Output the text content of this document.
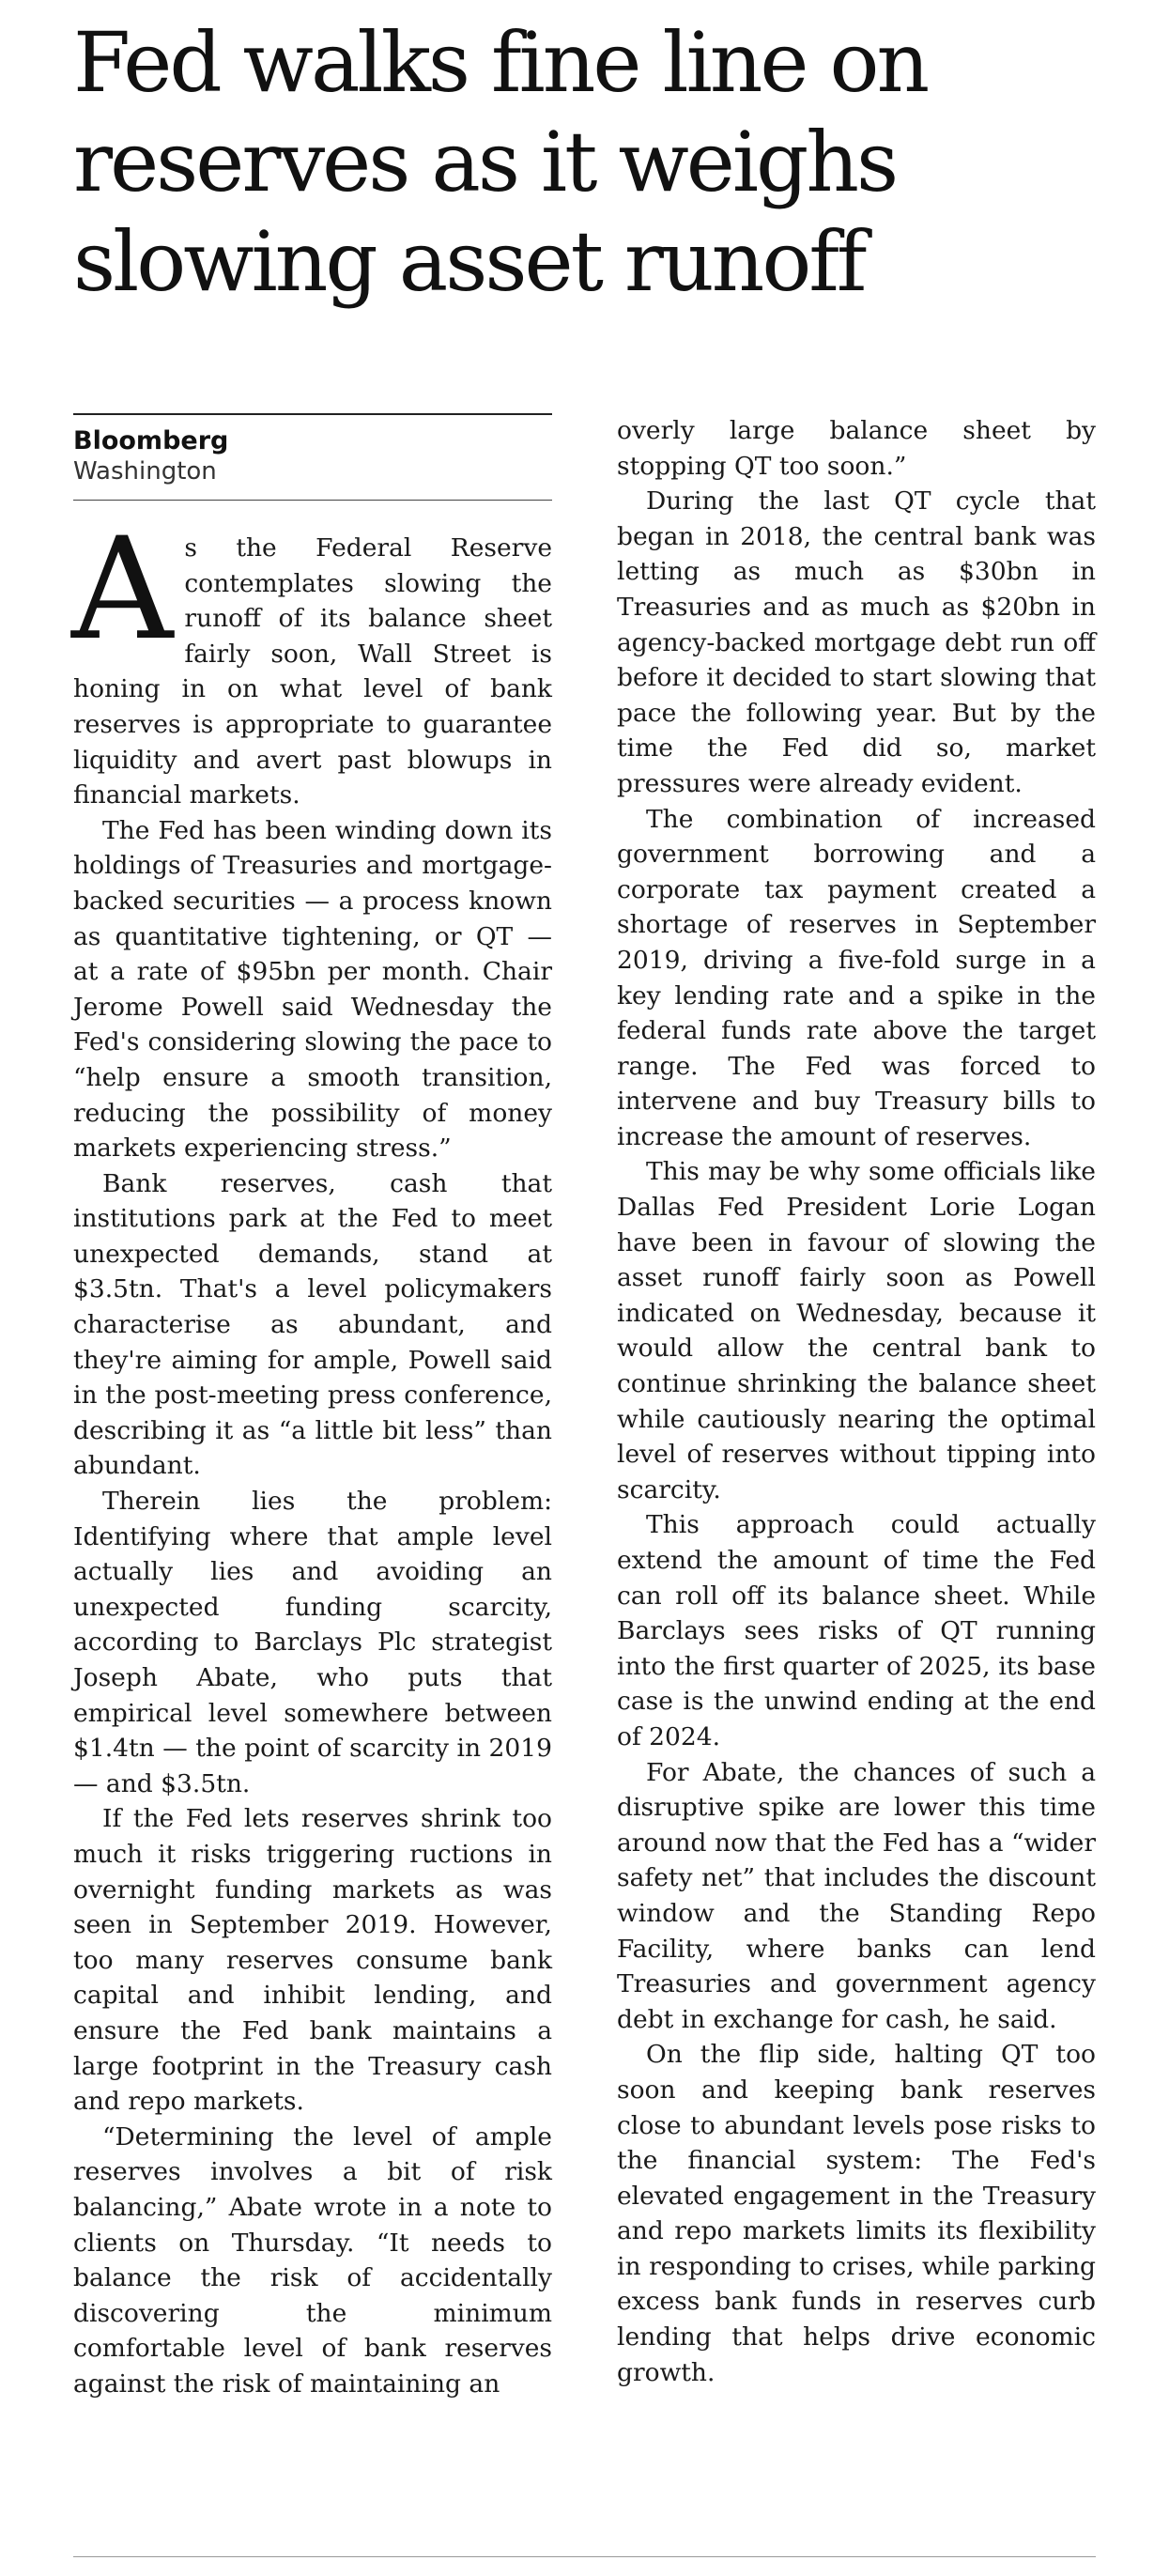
Fed walks fine line on reserves as it weighs slowing asset runoff
Bloomberg
Washington

As the Federal Reserve contemplates slowing the runoff of its balance sheet fairly soon, Wall Street is honing in on what level of bank reserves is appropriate to guarantee liquidity and avert past blowups in financial markets.

The Fed has been winding down its holdings of Treasuries and mortgage-backed securities — a process known as quantitative tightening, or QT — at a rate of $95bn per month. Chair Jerome Powell said Wednesday the Fed's considering slowing the pace to “help ensure a smooth transition, reducing the possibility of money markets experiencing stress.”

Bank reserves, cash that institutions park at the Fed to meet unexpected demands, stand at $3.5tn. That's a level policymakers characterise as abundant, and they're aiming for ample, Powell said in the post-meeting press conference, describing it as “a little bit less” than abundant.

Therein lies the problem: Identifying where that ample level actually lies and avoiding an unexpected funding scarcity, according to Barclays Plc strategist Joseph Abate, who puts that empirical level somewhere between $1.4tn — the point of scarcity in 2019 — and $3.5tn.

If the Fed lets reserves shrink too much it risks triggering ructions in overnight funding markets as was seen in September 2019. However, too many reserves consume bank capital and inhibit lending, and ensure the Fed bank maintains a large footprint in the Treasury cash and repo markets.

“Determining the level of ample reserves involves a bit of risk balancing,” Abate wrote in a note to clients on Thursday. “It needs to balance the risk of accidentally discovering the minimum comfortable level of bank reserves against the risk of maintaining an

overly large balance sheet by stopping QT too soon.”

During the last QT cycle that began in 2018, the central bank was letting as much as $30bn in Treasuries and as much as $20bn in agency-backed mortgage debt run off before it decided to start slowing that pace the following year. But by the time the Fed did so, market pressures were already evident.

The combination of increased government borrowing and a corporate tax payment created a shortage of reserves in September 2019, driving a five-fold surge in a key lending rate and a spike in the federal funds rate above the target range. The Fed was forced to intervene and buy Treasury bills to increase the amount of reserves.

This may be why some officials like Dallas Fed President Lorie Logan have been in favour of slowing the asset runoff fairly soon as Powell indicated on Wednesday, because it would allow the central bank to continue shrinking the balance sheet while cautiously nearing the optimal level of reserves without tipping into scarcity.

This approach could actually extend the amount of time the Fed can roll off its balance sheet. While Barclays sees risks of QT running into the first quarter of 2025, its base case is the unwind ending at the end of 2024.

For Abate, the chances of such a disruptive spike are lower this time around now that the Fed has a “wider safety net” that includes the discount window and the Standing Repo Facility, where banks can lend Treasuries and government agency debt in exchange for cash, he said.

On the flip side, halting QT too soon and keeping bank reserves close to abundant levels pose risks to the financial system: The Fed's elevated engagement in the Treasury and repo markets limits its flexibility in responding to crises, while parking excess bank funds in reserves curb lending that helps drive economic growth.
